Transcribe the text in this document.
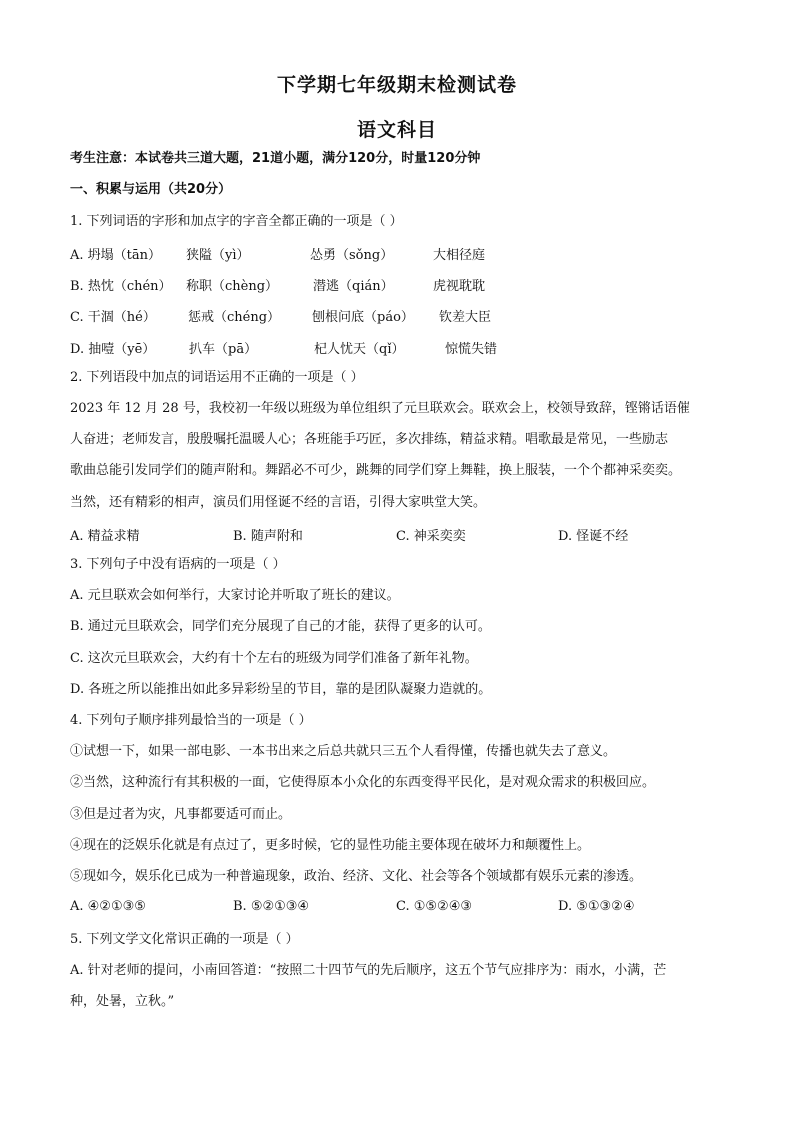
下学期七年级期末检测试卷
语文科目
考生注意：本试卷共三道大题，21道小题，满分120分，时量120分钟
一、积累与运用（共20分）
1. 下列词语的字形和加点字的字音全都正确的一项是（ ）
A. 坍塌（tān） 狭隘（yì）	怂勇（sǒng）	大相径庭
B. 热忱（chén） 称职（chèng）	潜逃（qián）	虎视耽耽
C. 干涸（hé） 惩戒（chéng） 刨根问底（páo） 钦差大臣
D. 抽噎（yē）	扒车（pā）	杞人忧天（qǐ）	惊慌失错
2. 下列语段中加点的词语运用不正确的一项是（ ）
2023 年 12 月 28 号，我校初一年级以班级为单位组织了元旦联欢会。联欢会上，校领导致辞，铿锵话语催
人奋进；老师发言，殷殷嘱托温暖人心；各班能手巧匠，多次排练，精益求精。唱歌最是常见，一些励志
歌曲总能引发同学们的随声附和。舞蹈必不可少，跳舞的同学们穿上舞鞋，换上服装，一个个都神采奕奕。
当然，还有精彩的相声，演员们用怪诞不经的言语，引得大家哄堂大笑。
A. 精益求精	B. 随声附和	C. 神采奕奕	D. 怪诞不经
3. 下列句子中没有语病的一项是（ ）
A. 元旦联欢会如何举行，大家讨论并听取了班长的建议。
B. 通过元旦联欢会，同学们充分展现了自己的才能，获得了更多的认可。
C. 这次元旦联欢会，大约有十个左右的班级为同学们准备了新年礼物。
D. 各班之所以能推出如此多异彩纷呈的节目，靠的是团队凝聚力造就的。
4. 下列句子顺序排列最恰当的一项是（ ）
①试想一下，如果一部电影、一本书出来之后总共就只三五个人看得懂，传播也就失去了意义。
②当然，这种流行有其积极的一面，它使得原本小众化的东西变得平民化，是对观众需求的积极回应。
③但是过者为灾，凡事都要适可而止。
④现在的泛娱乐化就是有点过了，更多时候，它的显性功能主要体现在破坏力和颠覆性上。
⑤现如今，娱乐化已成为一种普遍现象，政治、经济、文化、社会等各个领域都有娱乐元素的渗透。
A. ④②①③⑤	B. ⑤②①③④	C. ①⑤②④③	D. ⑤①③②④
5. 下列文学文化常识正确的一项是（ ）
A. 针对老师的提问，小南回答道：“按照二十四节气的先后顺序，这五个节气应排序为：雨水，小满，芒
种，处暑，立秋。”
